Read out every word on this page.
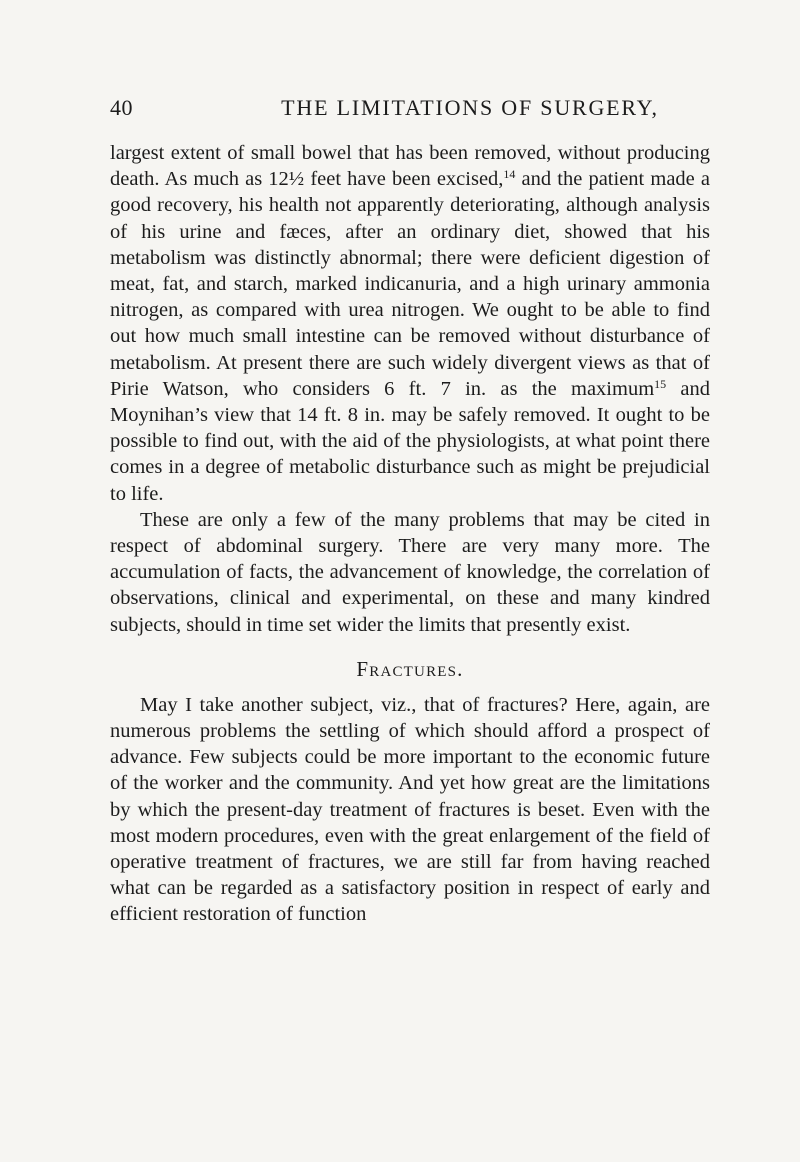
40	THE LIMITATIONS OF SURGERY,

largest extent of small bowel that has been removed, without producing death. As much as 12½ feet have been excised,$^{14}$ and the patient made a good recovery, his health not apparently deteriorating, although analysis of his urine and fæces, after an ordinary diet, showed that his metabolism was distinctly abnormal; there were deficient digestion of meat, fat, and starch, marked indicanuria, and a high urinary ammonia nitrogen, as compared with urea nitrogen. We ought to be able to find out how much small intestine can be removed without disturbance of metabolism. At present there are such widely divergent views as that of Pirie Watson, who considers 6 ft. 7 in. as the maximum$^{15}$ and Moynihan’s view that 14 ft. 8 in. may be safely removed. It ought to be possible to find out, with the aid of the physiologists, at what point there comes in a degree of metabolic disturbance such as might be prejudicial to life.

These are only a few of the many problems that may be cited in respect of abdominal surgery. There are very many more. The accumulation of facts, the advancement of knowledge, the correlation of observations, clinical and experimental, on these and many kindred subjects, should in time set wider the limits that presently exist.

Fractures.

May I take another subject, viz., that of fractures? Here, again, are numerous problems the settling of which should afford a prospect of advance. Few subjects could be more important to the economic future of the worker and the community. And yet how great are the limitations by which the present-day treatment of fractures is beset. Even with the most modern procedures, even with the great enlargement of the field of operative treatment of fractures, we are still far from having reached what can be regarded as a satisfactory position in respect of early and efficient restoration of function
